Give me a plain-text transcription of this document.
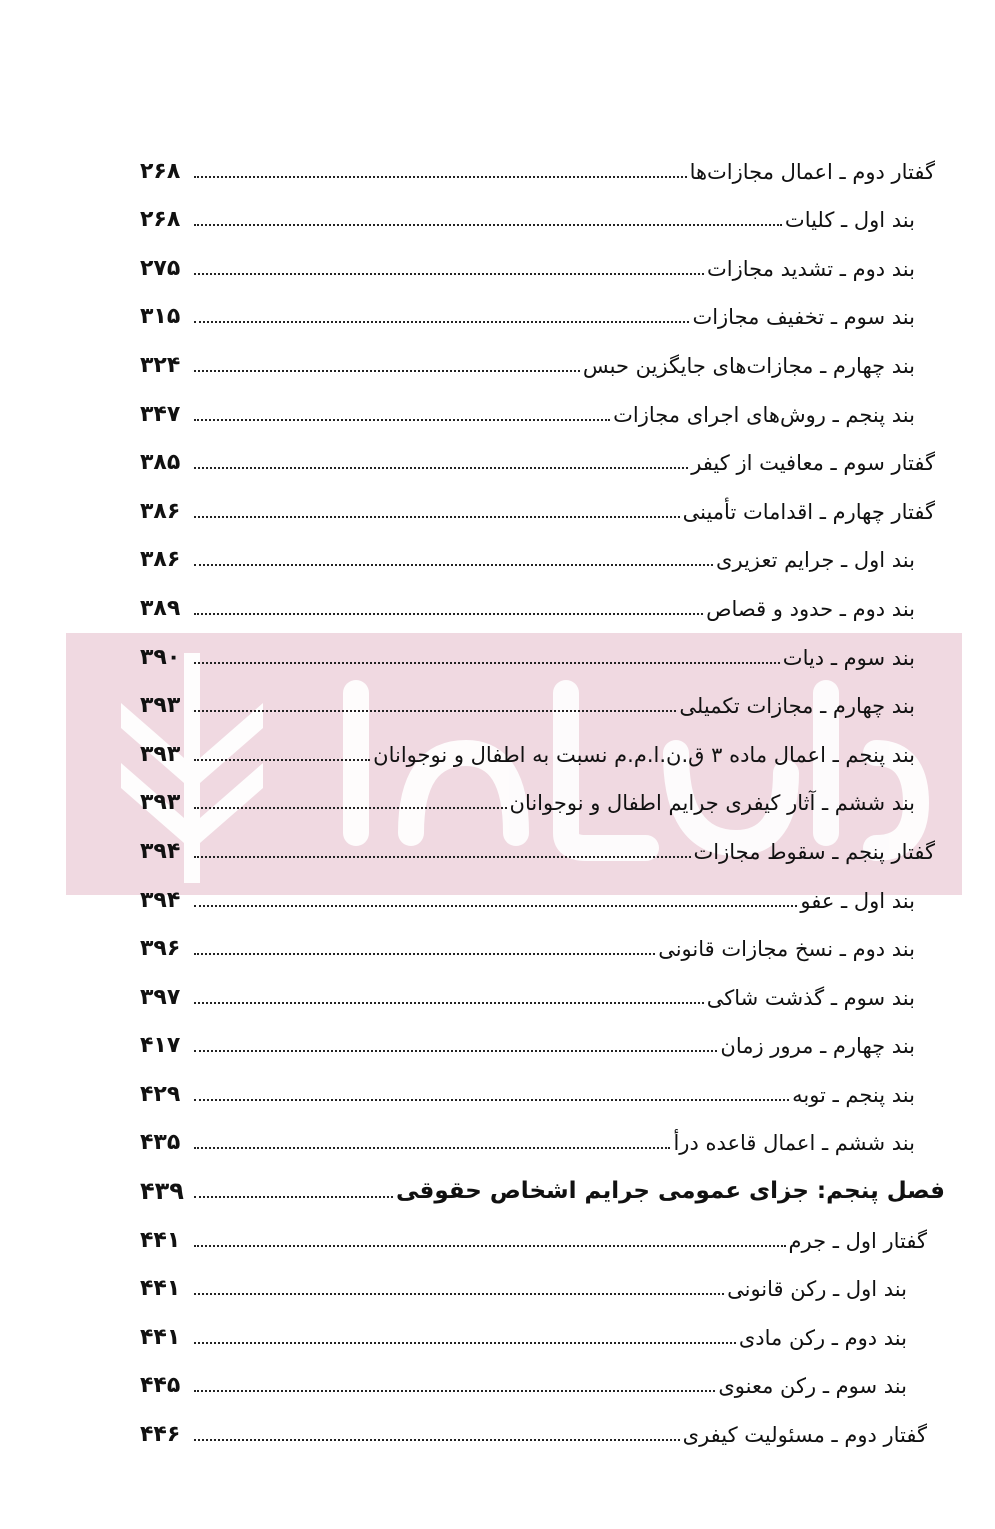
گفتار دوم ـ اعمال مجازات‌ها
۲۶۸
بند اول ـ کلیات
۲۶۸
بند دوم ـ تشدید مجازات
۲۷۵
بند سوم ـ تخفیف مجازات
۳۱۵
بند چهارم ـ مجازات‌های جایگزین حبس
۳۲۴
بند پنجم ـ روش‌های اجرای مجازات
۳۴۷
گفتار سوم ـ معافیت از کیفر
۳۸۵
گفتار چهارم ـ اقدامات تأمینی
۳۸۶
بند اول ـ جرایم تعزیری
۳۸۶
بند دوم ـ حدود و قصاص
۳۸۹
بند سوم ـ دیات
۳۹۰
بند چهارم ـ مجازات تکمیلی
۳۹۳
بند پنجم ـ اعمال ماده ۳ ق.ن.ا.م.م نسبت به اطفال و نوجوانان
۳۹۳
بند ششم ـ آثار کیفری جرایم اطفال و نوجوانان
۳۹۳
گفتار پنجم ـ سقوط مجازات
۳۹۴
بند اول ـ عفو
۳۹۴
بند دوم ـ نسخ مجازات قانونی
۳۹۶
بند سوم ـ گذشت شاکی
۳۹۷
بند چهارم ـ مرور زمان
۴۱۷
بند پنجم ـ توبه
۴۲۹
بند ششم ـ اعمال قاعده درأ
۴۳۵
فصل پنجم: جزای عمومی جرایم اشخاص حقوقی
۴۳۹
گفتار اول ـ جرم
۴۴۱
بند اول ـ رکن قانونی
۴۴۱
بند دوم ـ رکن مادی
۴۴۱
بند سوم ـ رکن معنوی
۴۴۵
گفتار دوم ـ مسئولیت کیفری
۴۴۶
